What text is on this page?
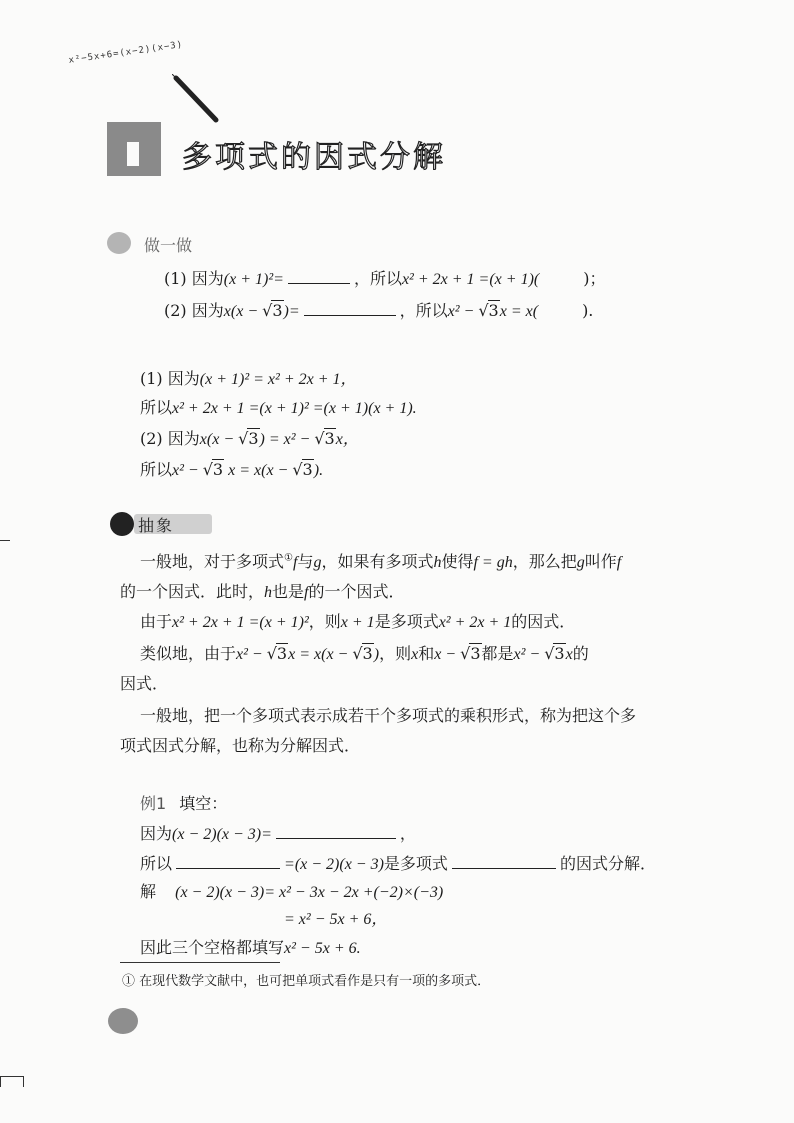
x²−5x+6=(x−2)(x−3)
多项式的因式分解
做一做
(1) 因为(x + 1)²=	，所以x² + 2x + 1 =(x + 1)(	)；
(2) 因为x(x − √3)=	，所以x² − √3x = x(	).
(1) 因为(x + 1)² = x² + 2x + 1，
所以x² + 2x + 1 =(x + 1)² =(x + 1)(x + 1).
(2) 因为x(x − √3) = x² − √3x，
所以x² − √3 x = x(x − √3).
抽象
一般地，对于多项式①f与g，如果有多项式h使得f = gh，那么把g叫作f
的一个因式．此时，h也是f的一个因式．
由于x² + 2x + 1 =(x + 1)²，则x + 1是多项式x² + 2x + 1的因式．
类似地，由于x² − √3x = x(x − √3)，则x和x − √3都是x² − √3x的
因式．
一般地，把一个多项式表示成若干个多项式的乘积形式，称为把这个多
项式因式分解，也称为分解因式．
例1 填空：
因为(x − 2)(x − 3)=	，
所以	=(x − 2)(x − 3)是多项式	的因式分解．
解 (x − 2)(x − 3)= x² − 3x − 2x +(−2)×(−3)
= x² − 5x + 6，
因此三个空格都填写x² − 5x + 6.
① 在现代数学文献中，也可把单项式看作是只有一项的多项式．
